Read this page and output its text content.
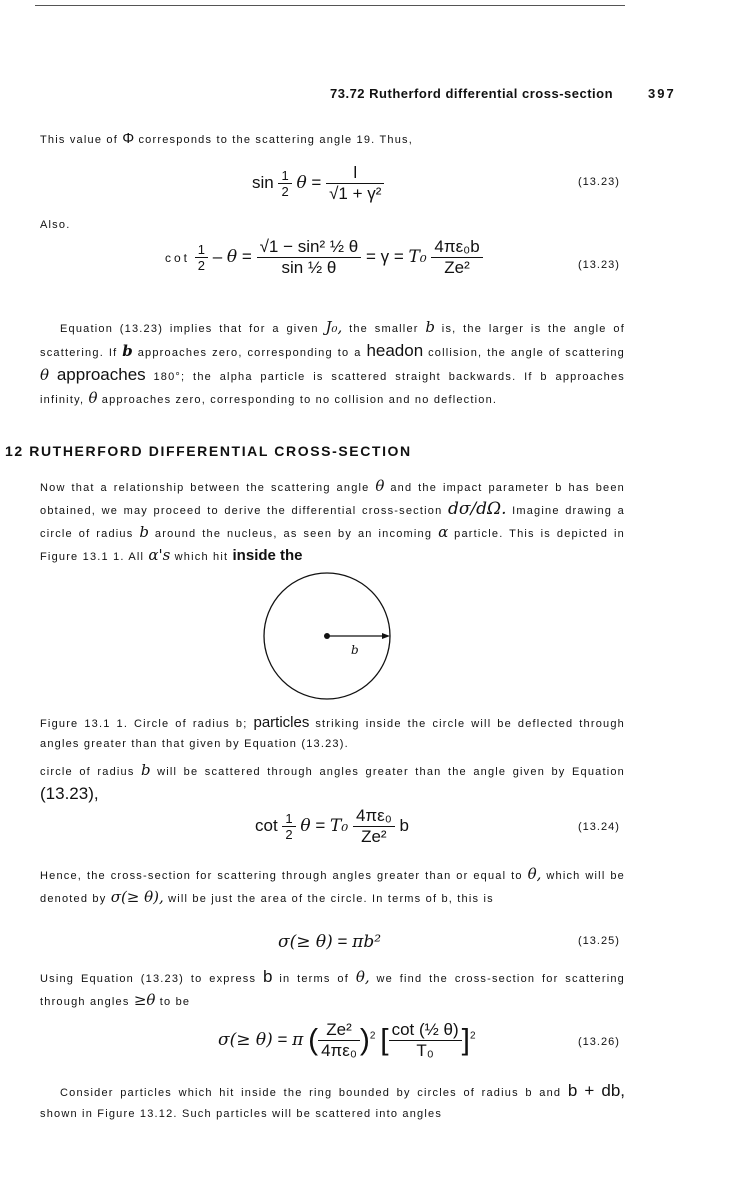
73.72 Rutherford differential cross-section	397
This value of Φ corresponds to the scattering angle 19. Thus,
$\sin \frac{1}{2}$ $\theta = \frac{l}{\text{√1 + γ²}}$	(13.23)
Also.
$\cot \frac{1}{2} - \theta = \frac{\text{√1 − sin² ½ θ}}{\text{sin ½ θ}} = \gamma = T_0 \frac{\text{4πε₀b}}{\text{Ze²}}$	(13.23)
Equation (13.23) implies that for a given J₀, the smaller b is, the larger is the angle of scattering. If b approaches zero, corresponding to a headon collision, the angle of scattering θ approaches 180°; the alpha particle is scattered straight backwards. If b approaches infinity, θ approaches zero, corresponding to no collision and no deflection.
12 RUTHERFORD DIFFERENTIAL CROSS-SECTION
Now that a relationship between the scattering angle θ and the impact parameter b has been obtained, we may proceed to derive the differential cross-section dσ/dΩ. Imagine drawing a circle of radius b around the nucleus, as seen by an incoming α particle. This is depicted in Figure 13.1 1. All α's which hit inside the
b
Figure 13.1 1. Circle of radius b; particles striking inside the circle will be deflected through angles greater than that given by Equation (13.23).
circle of radius b will be scattered through angles greater than the angle given by Equation (13.23),
$\cot \frac{1}{2}$ $\theta = T_0 \frac{\text{4πε₀}}{\text{Ze²}}$ b	(13.24)
Hence, the cross-section for scattering through angles greater than or equal to θ, which will be denoted by σ(≥ θ), will be just the area of the circle. In terms of b, this is
σ(≥ θ) = πb²	(13.25)
Using Equation (13.23) to express b in terms of θ, we find the cross-section for scattering through angles ≥θ to be
σ(≥ θ) = π ( $\frac{\text{Ze²}}{\text{4πε₀}} )^2$ [ $\frac{\text{cot (½ θ)}}{\text{T₀}} ]^2$
(13.26)
Consider particles which hit inside the ring bounded by circles of radius b and b + db, shown in Figure 13.12. Such particles will be scattered into angles
